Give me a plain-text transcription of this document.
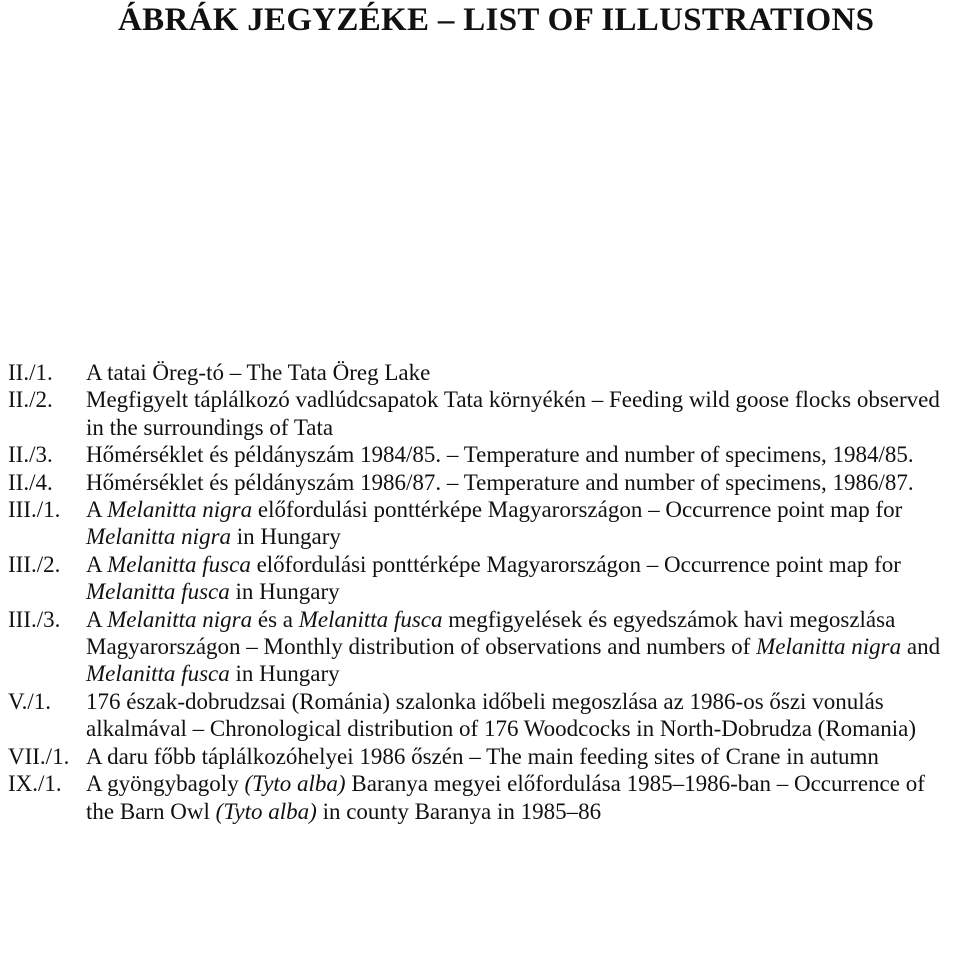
ÁBRÁK JEGYZÉKE – LIST OF ILLUSTRATIONS
II./1.	A tatai Öreg-tó – The Tata Öreg Lake

II./2.	Megfigyelt táplálkozó vadlúdcsapatok Tata környékén – Feeding wild goose flocks observed in the surroundings of Tata

II./3.	Hőmérséklet és példányszám 1984/85. – Temperature and number of specimens, 1984/85.

II./4.	Hőmérséklet és példányszám 1986/87. – Temperature and number of specimens, 1986/87.

III./1.	A Melanitta nigra előfordulási ponttérképe Magyarországon – Occurrence point map for Melanitta nigra in Hungary

III./2.	A Melanitta fusca előfordulási ponttérképe Magyarországon – Occurrence point map for Melanitta fusca in Hungary

III./3.	A Melanitta nigra és a Melanitta fusca megfigyelések és egyedszámok havi megoszlása Magyarországon – Monthly distribution of observations and numbers of Melanitta nigra and Melanitta fusca in Hungary

V./1.	176 észak-dobrudzsai (Románia) szalonka időbeli megoszlása az 1986-os őszi vonulás alkalmával – Chronological distribution of 176 Woodcocks in North-Dobrudza (Romania)

VII./1. A daru főbb táplálkozóhelyei 1986 őszén – The main feeding sites of Crane in autumn

IX./1.	A gyöngybagoly (Tyto alba) Baranya megyei előfordulása 1985–1986-ban – Occurrence of the Barn Owl (Tyto alba) in county Baranya in 1985–86
